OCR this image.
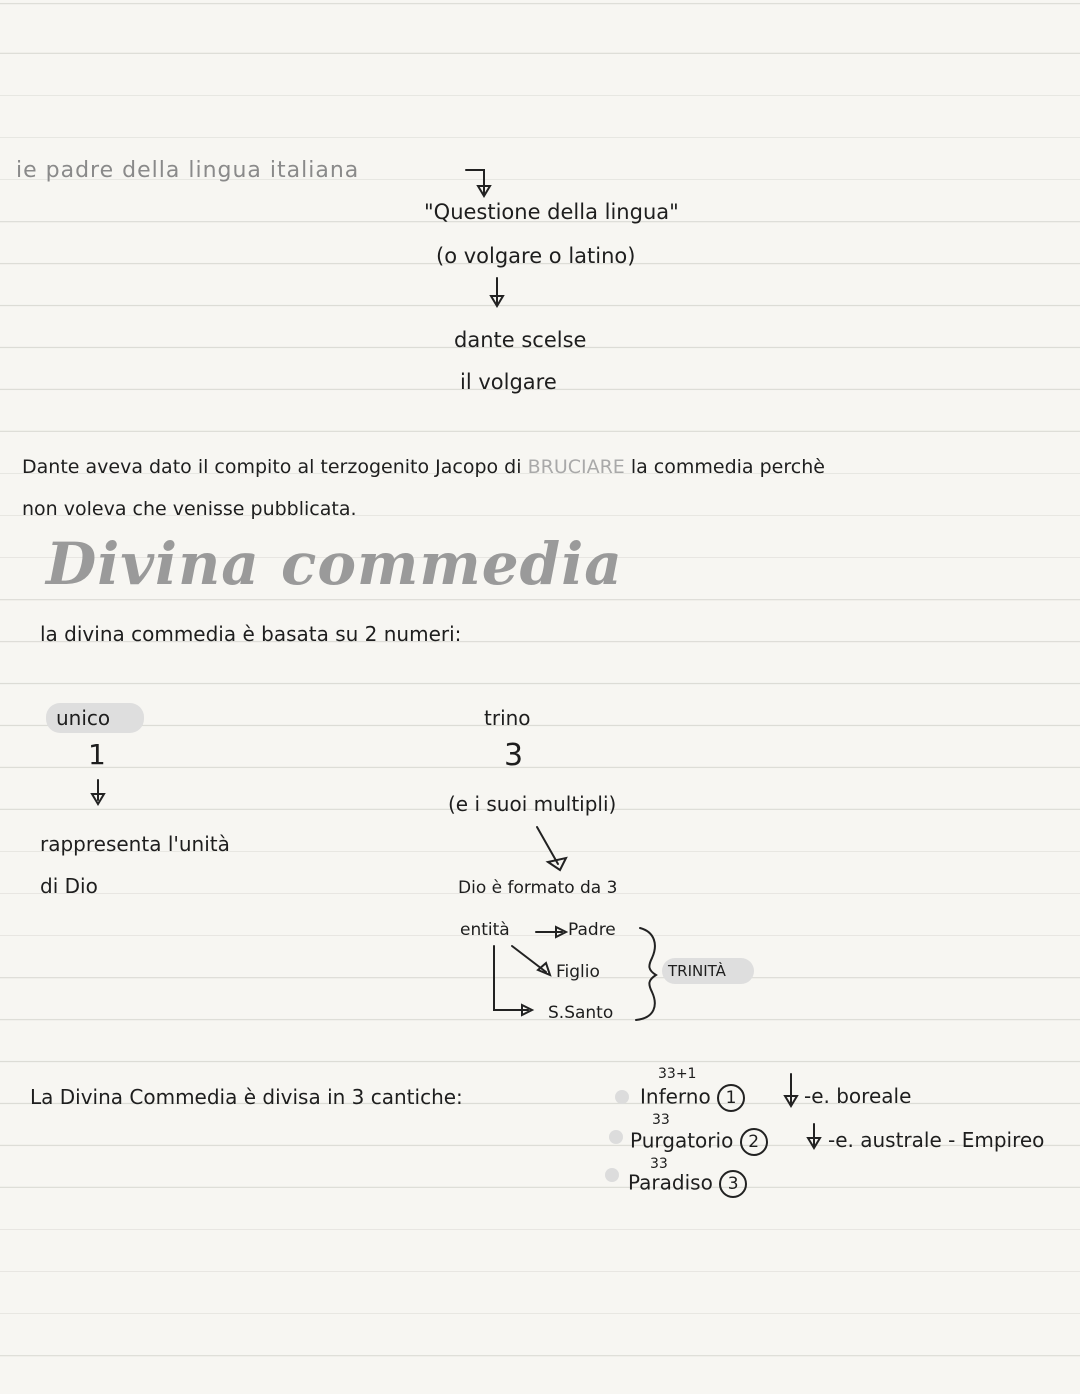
ie padre della lingua italiana
"Questione della lingua"
(o volgare o latino)
dante scelse
il volgare
Dante aveva dato il compito al terzogenito Jacopo di BRUCIARE la commedia perchè
non voleva che venisse pubblicata.
Divina commedia
la divina commedia è basata su 2 numeri:
unico
1
rappresenta l'unità
di Dio
trino
3
(e i suoi multipli)
Dio è formato da 3
entità	Padre
Figlio
S.Santo
TRINITÀ
La Divina Commedia è divisa in 3 cantiche:
33+1
Inferno 1	-e. boreale
33
Purgatorio 2	-e. australe - Empireo
33
Paradiso 3
